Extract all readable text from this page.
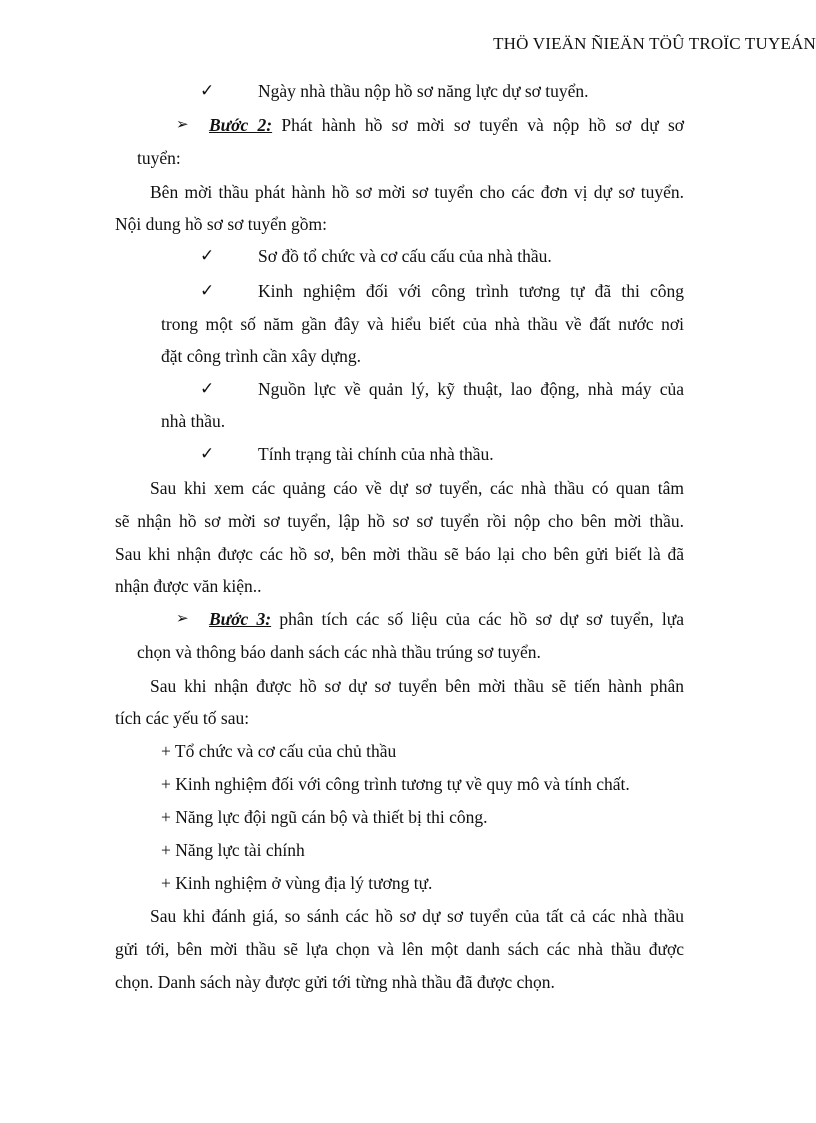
THÖ VIEÄN ÑIEÄN TÖÛ TROÏC TUYEÁN
✓	Ngày nhà thầu nộp hồ sơ năng lực dự sơ tuyển.
➢ Bước 2: Phát hành hồ sơ mời sơ tuyển và nộp hồ sơ dự sơ
tuyển:
Bên mời thầu phát hành hồ sơ mời sơ tuyển cho các đơn vị dự sơ tuyển.
Nội dung hồ sơ sơ tuyển gồm:
✓	Sơ đồ tổ chức và cơ cấu cấu của nhà thầu.
✓	Kinh nghiệm đối với công trình tương tự đã thi công
trong một số năm gần đây và hiểu biết của nhà thầu về đất nước nơi
đặt công trình cần xây dựng.
✓	Nguồn lực về quản lý, kỹ thuật, lao động, nhà máy của
nhà thầu.
✓	Tính trạng tài chính của nhà thầu.
Sau khi xem các quảng cáo về dự sơ tuyển, các nhà thầu có quan tâm
sẽ nhận hồ sơ mời sơ tuyển, lập hồ sơ sơ tuyển rồi nộp cho bên mời thầu.
Sau khi nhận được các hồ sơ, bên mời thầu sẽ báo lại cho bên gửi biết là đã
nhận được văn kiện..
➢ Bước 3: phân tích các số liệu của các hồ sơ dự sơ tuyển, lựa
chọn và thông báo danh sách các nhà thầu trúng sơ tuyển.
Sau khi nhận được hồ sơ dự sơ tuyển bên mời thầu sẽ tiến hành phân
tích các yếu tố sau:
+ Tổ chức và cơ cấu của chủ thầu
+ Kinh nghiệm đối với công trình tương tự về quy mô và tính chất.
+ Năng lực đội ngũ cán bộ và thiết bị thi công.
+ Năng lực tài chính
+ Kinh nghiệm ở vùng địa lý tương tự.
Sau khi đánh giá, so sánh các hồ sơ dự sơ tuyển của tất cả các nhà thầu
gửi tới, bên mời thầu sẽ lựa chọn và lên một danh sách các nhà thầu được
chọn. Danh sách này được gửi tới từng nhà thầu đã được chọn.
